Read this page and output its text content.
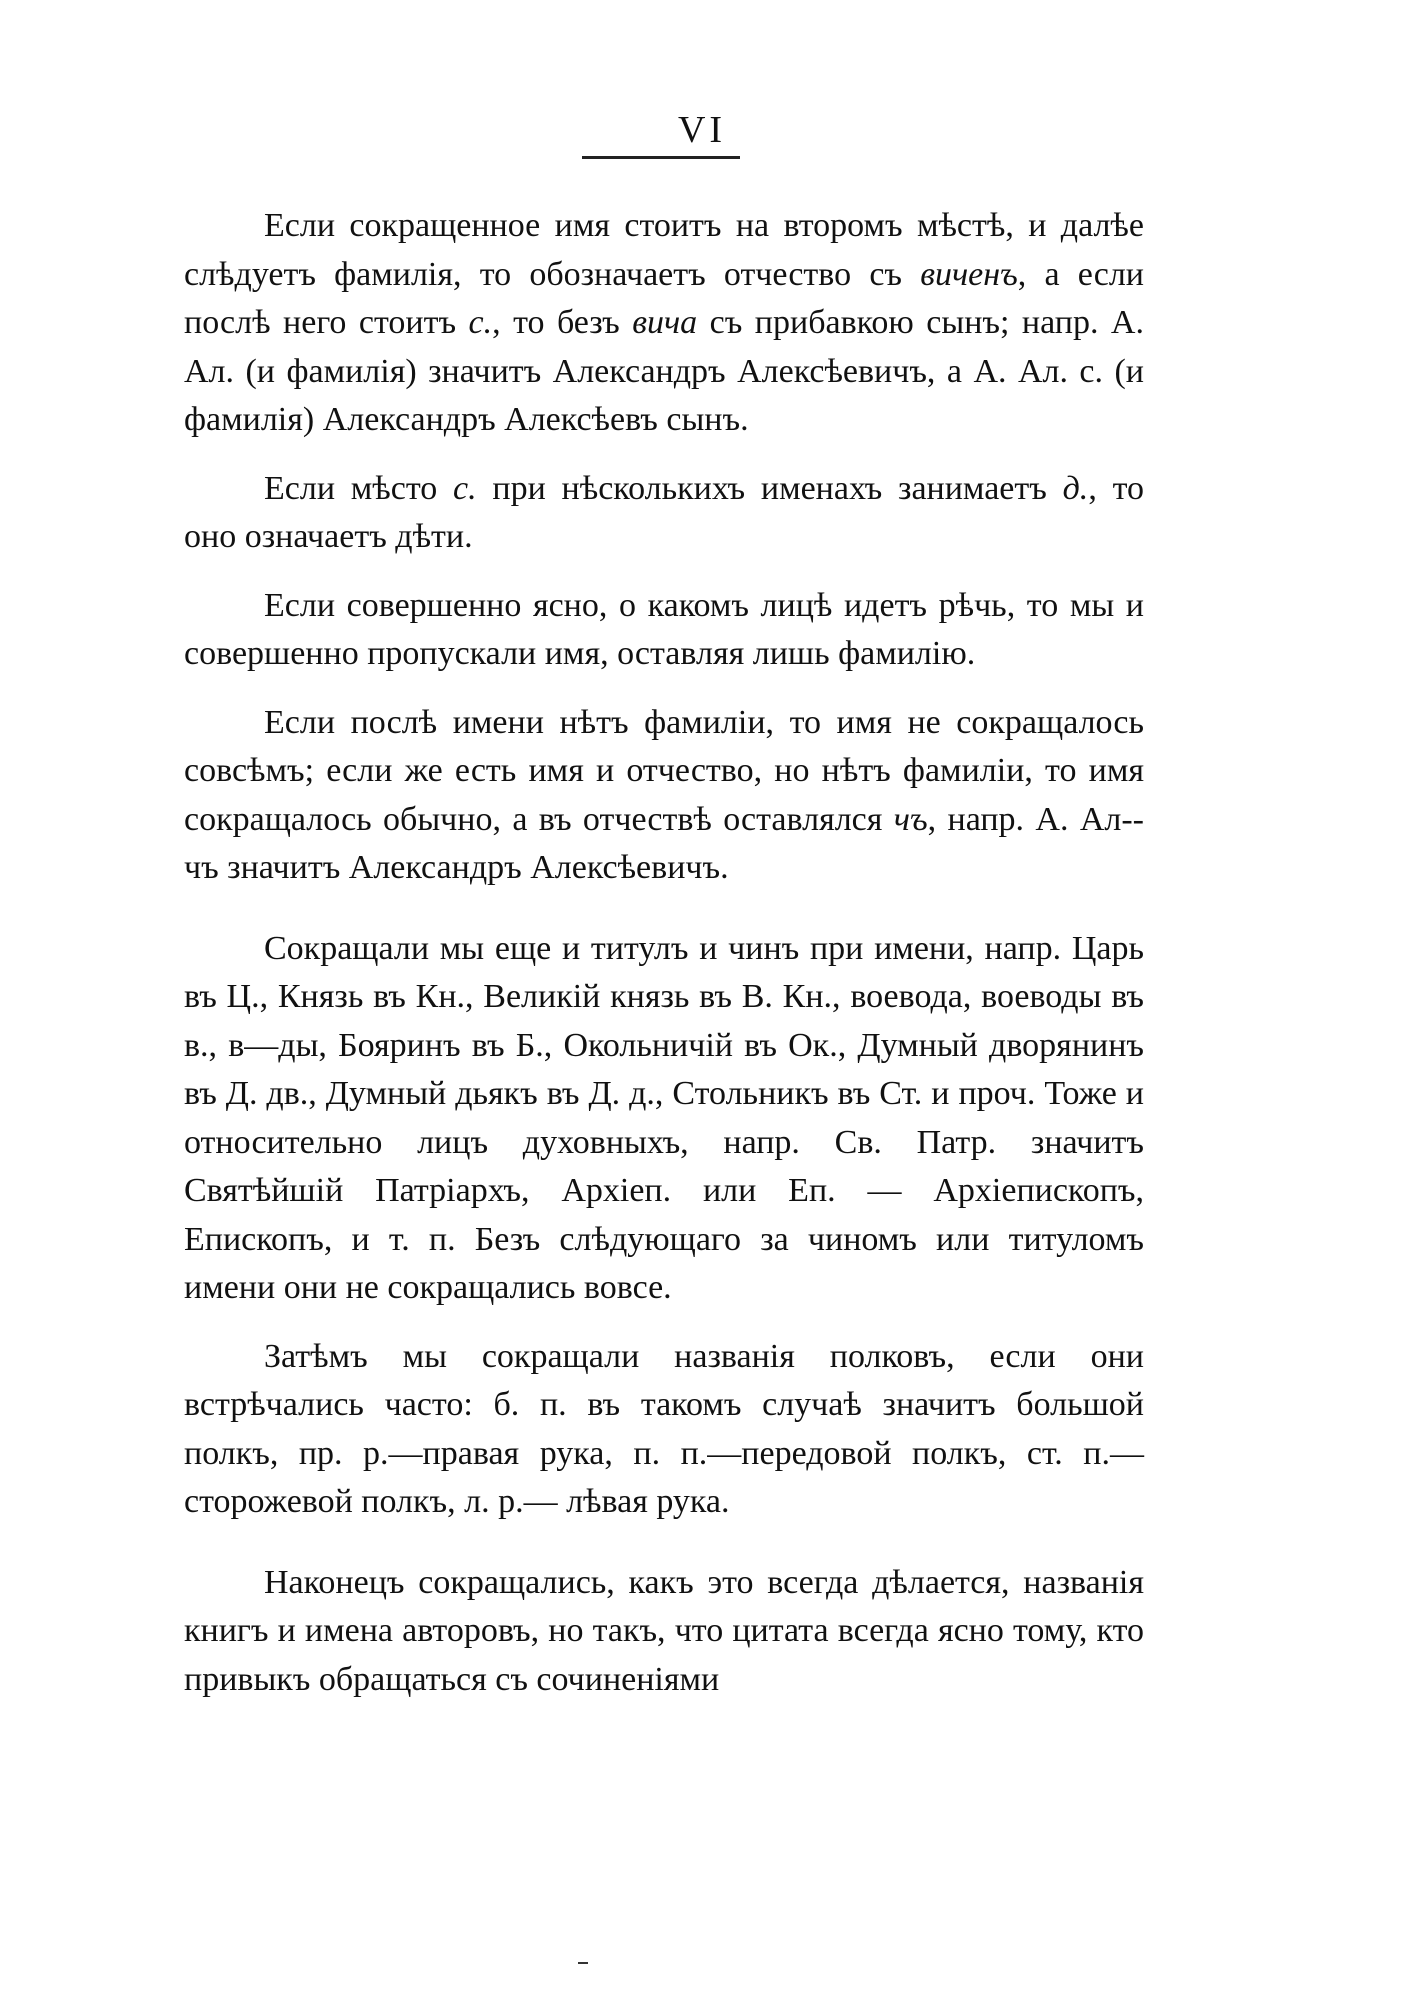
VI

Если сокращенное имя стоитъ на второмъ мѣстѣ, и далѣе слѣдуетъ фамилія, то обозначаетъ отчество съ виченъ, а если послѣ него стоитъ с., то безъ вича съ прибавкою сынъ; напр. А. Ал. (и фамилія) значитъ Александръ Алексѣевичъ, а А. Ал. с. (и фамилія) Александръ Алексѣевъ сынъ.

Если мѣсто с. при нѣсколькихъ именахъ занимаетъ д., то оно означаетъ дѣти.

Если совершенно ясно, о какомъ лицѣ идетъ рѣчь, то мы и совершенно пропускали имя, оставляя лишь фамилію.

Если послѣ имени нѣтъ фамиліи, то имя не сокращалось совсѣмъ; если же есть имя и отчество, но нѣтъ фамиліи, то имя сокращалось обычно, а въ отчествѣ оставлялся чъ, напр. А. Ал--чъ значитъ Александръ Алексѣевичъ.

Сокращали мы еще и титулъ и чинъ при имени, напр. Царь въ Ц., Князь въ Кн., Великій князь въ В. Кн., воевода, воеводы въ в., в—ды, Бояринъ въ Б., Окольничій въ Ок., Думный дворянинъ въ Д. дв., Думный дьякъ въ Д. д., Стольникъ въ Ст. и проч. Тоже и относительно лицъ духовныхъ, напр. Св. Патр. значитъ Святѣйшій Патріархъ, Архіеп. или Еп. — Архіепископъ, Епископъ, и т. п. Безъ слѣдующаго за чиномъ или титуломъ имени они не сокращались вовсе.

Затѣмъ мы сокращали названія полковъ, если они встрѣчались часто: б. п. въ такомъ случаѣ значитъ большой полкъ, пр. р.—правая рука, п. п.—передовой полкъ, ст. п.—сторожевой полкъ, л. р.— лѣвая рука.

Наконецъ сокращались, какъ это всегда дѣлается, названія книгъ и имена авторовъ, но такъ, что цитата всегда ясно тому, кто привыкъ обращаться съ сочиненіями
